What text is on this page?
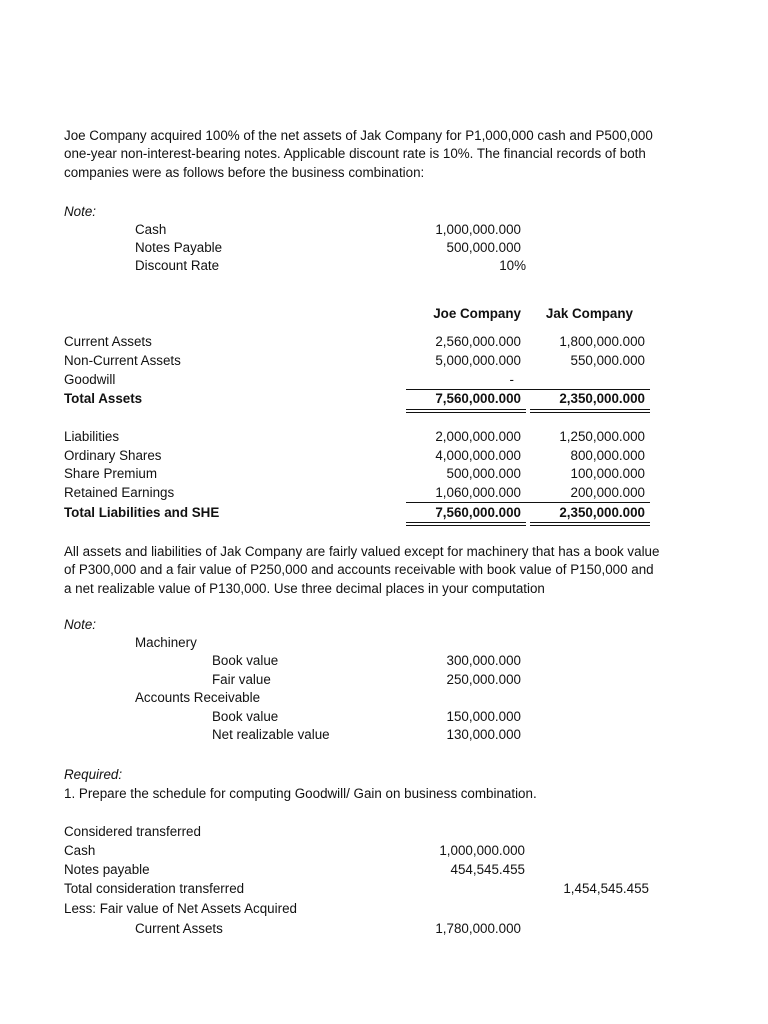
Joe Company acquired 100% of the net assets of Jak Company for P1,000,000 cash and P500,000 one-year non-interest-bearing notes. Applicable discount rate is 10%. The financial records of both companies were as follows before the business combination:
Note:
Cash	1,000,000.000
Notes Payable	500,000.000
Discount Rate	10%
Joe Company	Jak Company
Current Assets	2,560,000.000	1,800,000.000
Non-Current Assets	5,000,000.000	550,000.000
Goodwill	-
Total Assets	7,560,000.000	2,350,000.000
Liabilities	2,000,000.000	1,250,000.000
Ordinary Shares	4,000,000.000	800,000.000
Share Premium	500,000.000	100,000.000
Retained Earnings	1,060,000.000	200,000.000
Total Liabilities and SHE	7,560,000.000	2,350,000.000
All assets and liabilities of Jak Company are fairly valued except for machinery that has a book value of P300,000 and a fair value of P250,000 and accounts receivable with book value of P150,000 and a net realizable value of P130,000. Use three decimal places in your computation
Note:
Machinery
Book value	300,000.000
Fair value	250,000.000
Accounts Receivable
Book value	150,000.000
Net realizable value	130,000.000
Required:
1. Prepare the schedule for computing Goodwill/ Gain on business combination.
Considered transferred
Cash	1,000,000.000
Notes payable	454,545.455
Total consideration transferred	1,454,545.455
Less: Fair value of Net Assets Acquired
Current Assets	1,780,000.000
